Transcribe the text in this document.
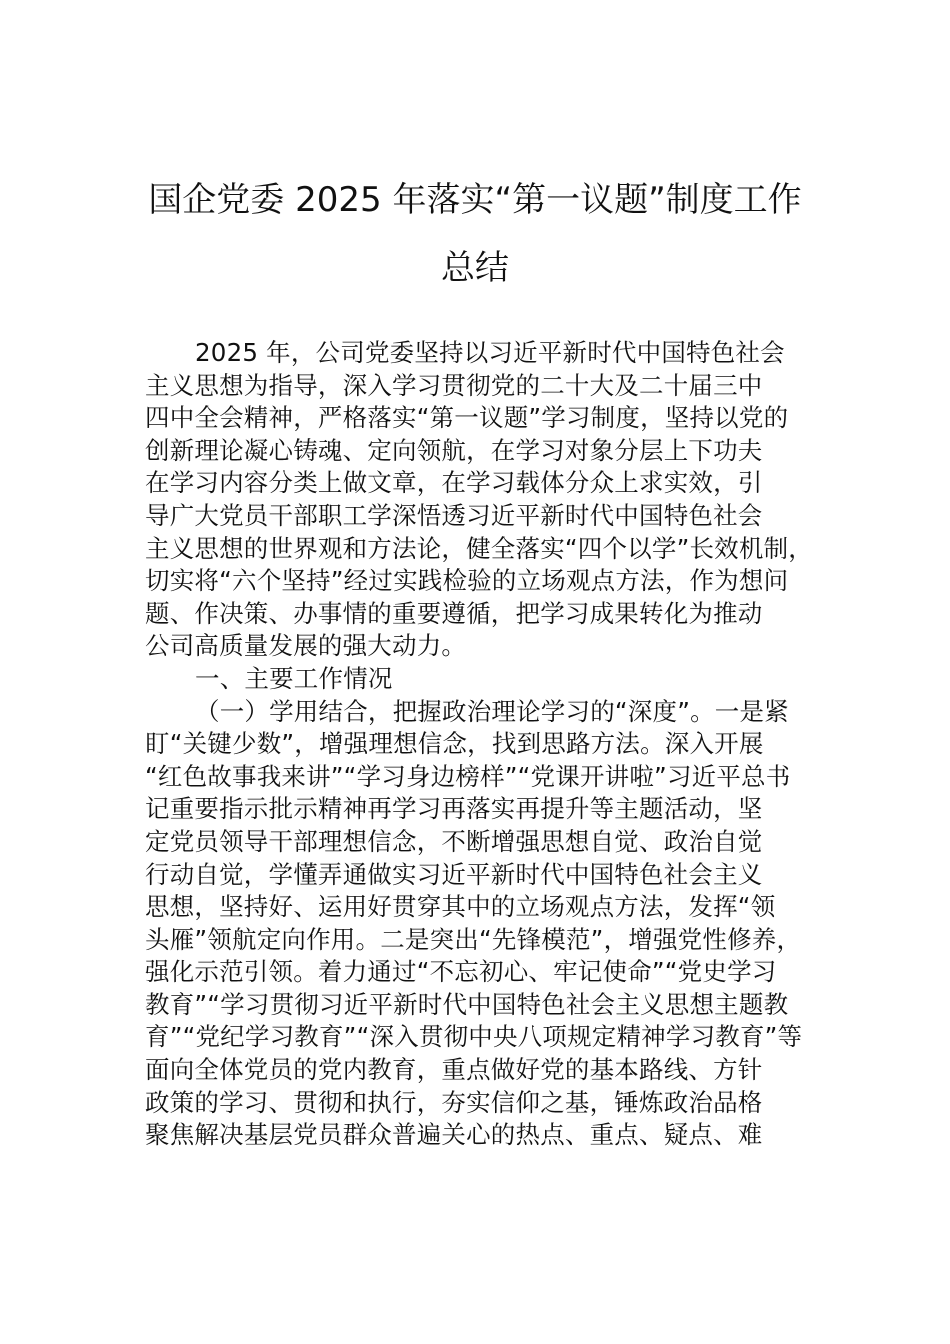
国企党委 2025 年落实“第一议题”制度工作
总结
2025 年，公司党委坚持以习近平新时代中国特色社会
主义思想为指导，深入学习贯彻党的二十大及二十届三中
四中全会精神，严格落实“第一议题”学习制度，坚持以党的
创新理论凝心铸魂、定向领航，在学习对象分层上下功夫
在学习内容分类上做文章，在学习载体分众上求实效，引
导广大党员干部职工学深悟透习近平新时代中国特色社会
主义思想的世界观和方法论，健全落实“四个以学”长效机制，
切实将“六个坚持”经过实践检验的立场观点方法，作为想问
题、作决策、办事情的重要遵循，把学习成果转化为推动
公司高质量发展的强大动力。
一、主要工作情况
（一）学用结合，把握政治理论学习的“深度”。一是紧
盯“关键少数”，增强理想信念，找到思路方法。深入开展
“红色故事我来讲”“学习身边榜样”“党课开讲啦”习近平总书
记重要指示批示精神再学习再落实再提升等主题活动，坚
定党员领导干部理想信念，不断增强思想自觉、政治自觉
行动自觉，学懂弄通做实习近平新时代中国特色社会主义
思想，坚持好、运用好贯穿其中的立场观点方法，发挥“领
头雁”领航定向作用。二是突出“先锋模范”，增强党性修养，
强化示范引领。着力通过“不忘初心、牢记使命”“党史学习
教育”“学习贯彻习近平新时代中国特色社会主义思想主题教
育”“党纪学习教育”“深入贯彻中央八项规定精神学习教育”等
面向全体党员的党内教育，重点做好党的基本路线、方针
政策的学习、贯彻和执行，夯实信仰之基，锤炼政治品格
聚焦解决基层党员群众普遍关心的热点、重点、疑点、难
